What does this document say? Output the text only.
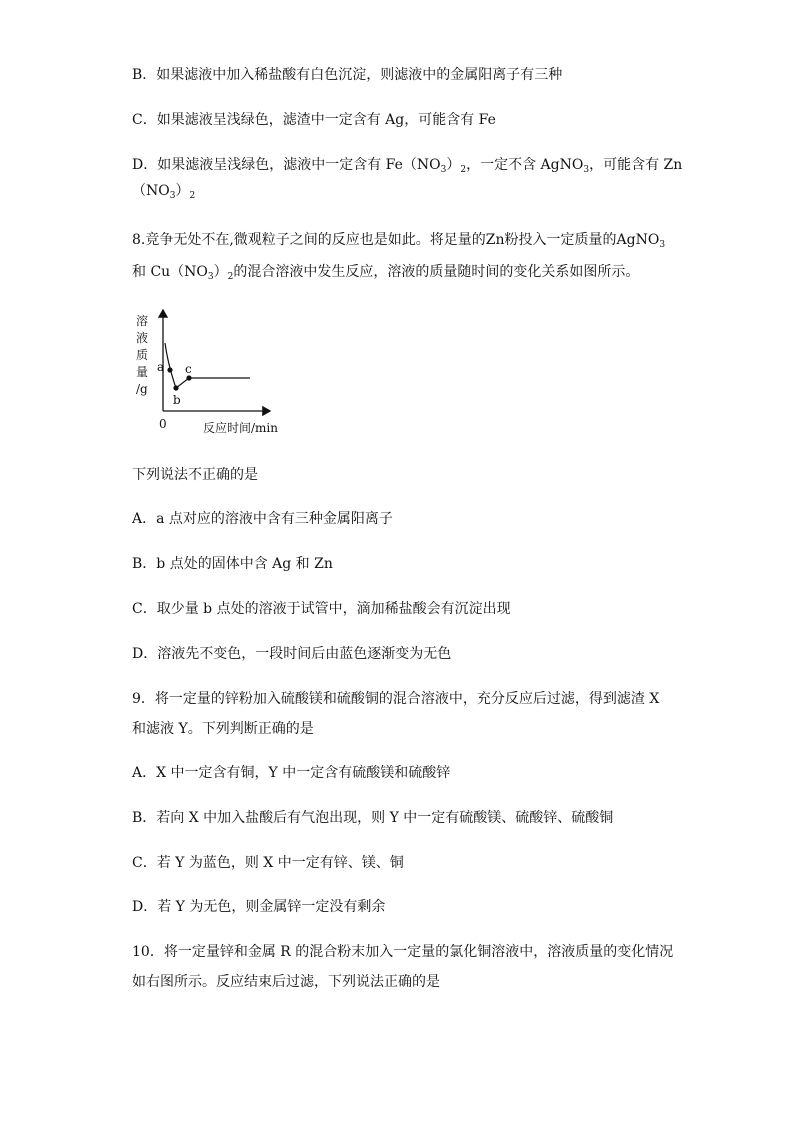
B．如果滤液中加入稀盐酸有白色沉淀，则滤液中的金属阳离子有三种
C．如果滤液呈浅绿色，滤渣中一定含有 Ag，可能含有 Fe
D．如果滤液呈浅绿色，滤液中一定含有 $Fe(NO_3)_2$，一定不含 AgNO$_3$，可能含有 Zn
$(NO_3)_2$
8.竞争无处不在,微观粒子之间的反应也是如此。将足量的Zn粉投入一定质量的AgNO$_3$
和 $Cu(NO_3)_2$的混合溶液中发生反应，溶液的质量随时间的变化关系如图所示。
溶
液
质
量
/g
0	反应时间/min
a
b
c
下列说法不正确的是
A．a 点对应的溶液中含有三种金属阳离子
B．b 点处的固体中含 Ag 和 Zn
C．取少量 b 点处的溶液于试管中，滴加稀盐酸会有沉淀出现
D．溶液先不变色，一段时间后由蓝色逐渐变为无色
9．将一定量的锌粉加入硫酸镁和硫酸铜的混合溶液中，充分反应后过滤，得到滤渣 X
和滤液 Y。下列判断正确的是
A．X 中一定含有铜，Y 中一定含有硫酸镁和硫酸锌
B．若向 X 中加入盐酸后有气泡出现，则 Y 中一定有硫酸镁、硫酸锌、硫酸铜
C．若 Y 为蓝色，则 X 中一定有锌、镁、铜
D．若 Y 为无色，则金属锌一定没有剩余
10．将一定量锌和金属 R 的混合粉末加入一定量的氯化铜溶液中，溶液质量的变化情况
如右图所示。反应结束后过滤，下列说法正确的是
